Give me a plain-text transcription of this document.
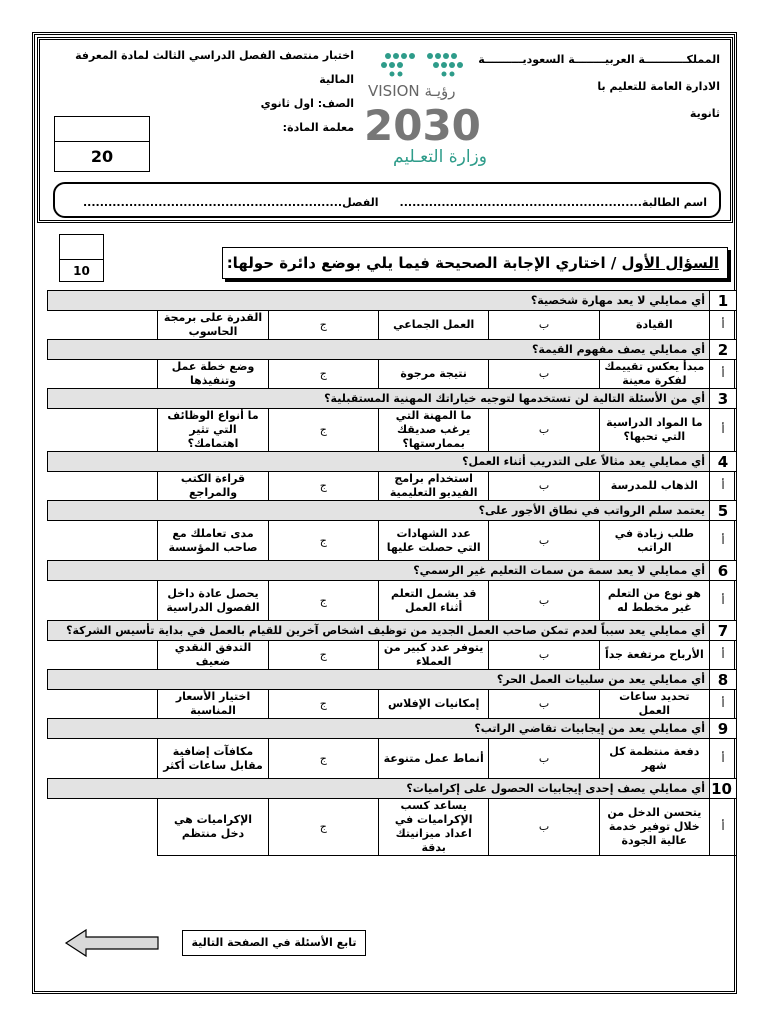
المملكـــــــــــة العربيــــــــة السعوديــــــــــة
الادارة العامة للتعليم با
ثانوية
VISION رؤيـة
2030
وزارة التعـليم
اختبار منتصف الفصل الدراسي الثالث لمادة المعرفة المالية
الصف: اول ثانوي
معلمة المادة:
20
اسم الطالبة..........................................................
الفصل..............................................................
10	السؤال الأول / اختاري الإجابة الصحيحة فيما يلي بوضع دائرة حولها:
1	أي ممايلي لا يعد مهارة شخصية؟					
أ	القيادة	ب	العمل الجماعي	ج	القدرة على برمجة الحاسوب	
2	أي ممايلي يصف مفهوم القيمة؟					
أ	مبدأ يعكس تقييمك لفكرة معينة	ب	نتيجة مرجوة	ج	وضع خطة عمل وتنفيذها	
3	أي من الأسئلة التالية لن تستخدمها لتوجيه خياراتك المهنية المستقبلية؟					
أ	ما المواد الدراسية التي تحبها؟	ب	ما المهنة التي يرغب صديقك بممارستها؟	ج	ما أنواع الوظائف التي تثير اهتمامك؟	
4	أي ممايلي يعد مثالاً على التدريب أثناء العمل؟					
أ	الذهاب للمدرسة	ب	استخدام برامج الفيديو التعليمية	ج	قراءة الكتب والمراجع	
5	يعتمد سلم الرواتب في نطاق الأجور على؟					
أ	طلب زيادة في الراتب	ب	عدد الشهادات التي حصلت عليها	ج	مدى تعاملك مع صاحب المؤسسة	
6	أي ممايلي لا يعد سمة من سمات التعليم غير الرسمي؟					
أ	هو نوع من التعلم غير مخطط له	ب	قد يشمل التعلم أثناء العمل	ج	يحصل عادة داخل الفصول الدراسية	
7	أي ممايلي يعد سبباً لعدم تمكن صاحب العمل الجديد من توظيف اشخاص آخرين للقيام بالعمل في بداية تأسيس الشركة؟					
أ	الأرباح مرتفعة جداً	ب	يتوفر عدد كبير من العملاء	ج	التدفق النقدي ضعيف	
8	أي ممايلي يعد من سلبيات العمل الحر؟					
أ	تحديد ساعات العمل	ب	إمكانيات الإفلاس	ج	اختيار الأسعار المناسبة	
9	أي ممايلي يعد من إيجابيات تقاضي الراتب؟					
أ	دفعة منتظمة كل شهر	ب	أنماط عمل متنوعة	ج	مكافآت إضافية مقابل ساعات أكثر	
10	أي ممايلي يصف إحدى إيجابيات الحصول على إكراميات؟					
أ	يتحسن الدخل من خلال توفير خدمة عالية الجودة	ب	يساعد كسب الإكراميات في اعداد ميزانيتك بدقة	ج	الإكراميات هي دخل منتظم	
تابع الأسئلة في الصفحة التالية
